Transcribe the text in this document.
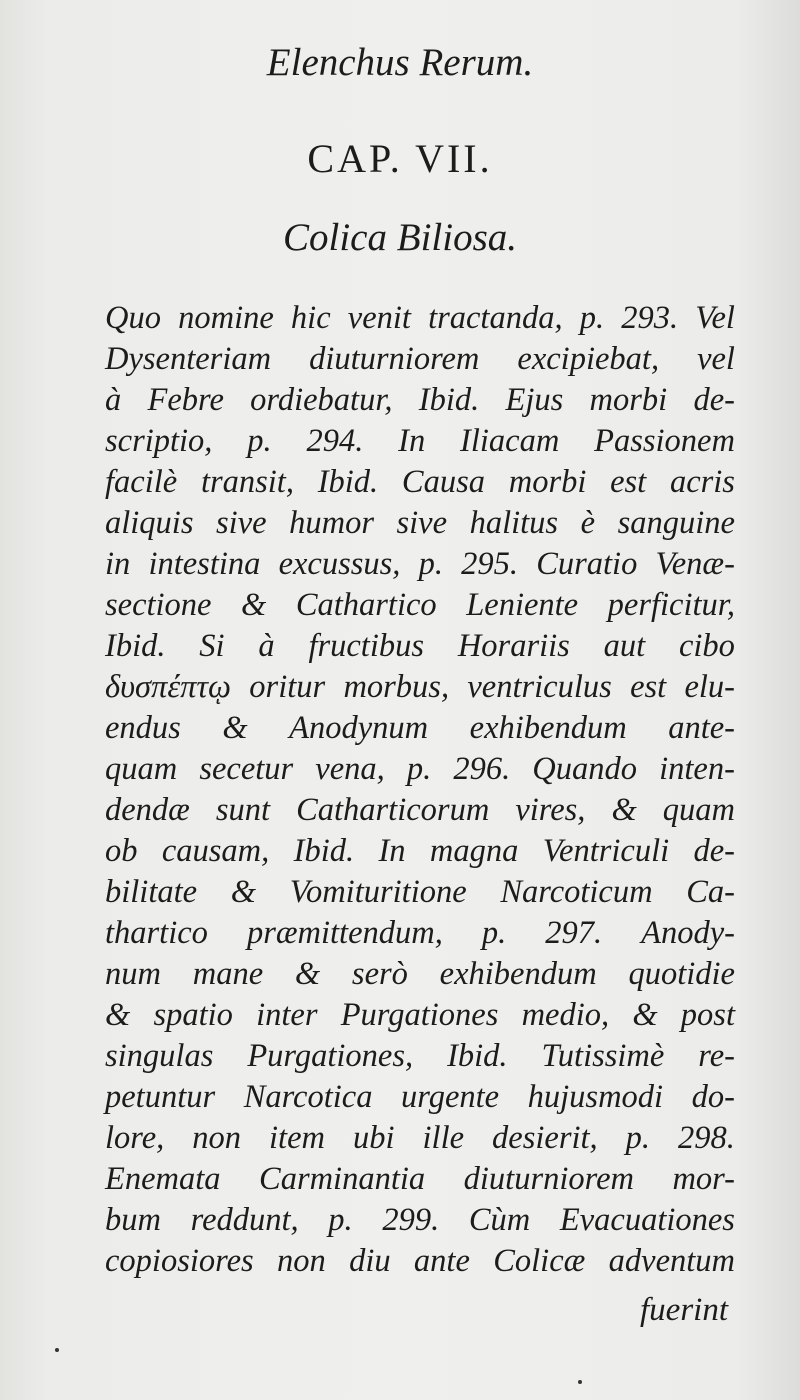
Elenchus Rerum.
CAP. VII.
Colica Biliosa.
Quo nomine hic venit tractanda, p. 293. Vel
Dysenteriam diuturniorem excipiebat, vel
à Febre ordiebatur, Ibid. Ejus morbi de-
scriptio, p. 294. In Iliacam Passionem
facilè transit, Ibid. Causa morbi est acris
aliquis sive humor sive halitus è sanguine
in intestina excussus, p. 295. Curatio Venæ-
sectione & Cathartico Leniente perficitur,
Ibid. Si à fructibus Horariis aut cibo
δυσπέπτῳ oritur morbus, ventriculus est elu-
endus & Anodynum exhibendum ante-
quam secetur vena, p. 296. Quando inten-
dendæ sunt Catharticorum vires, & quam
ob causam, Ibid. In magna Ventriculi de-
bilitate & Vomituritione Narcoticum Ca-
thartico præmittendum, p. 297. Anody-
num mane & serò exhibendum quotidie
& spatio inter Purgationes medio, & post
singulas Purgationes, Ibid. Tutissimè re-
petuntur Narcotica urgente hujusmodi do-
lore, non item ubi ille desierit, p. 298.
Enemata Carminantia diuturniorem mor-
bum reddunt, p. 299. Cùm Evacuationes
copiosiores non diu ante Colicæ adventum
fuerint
